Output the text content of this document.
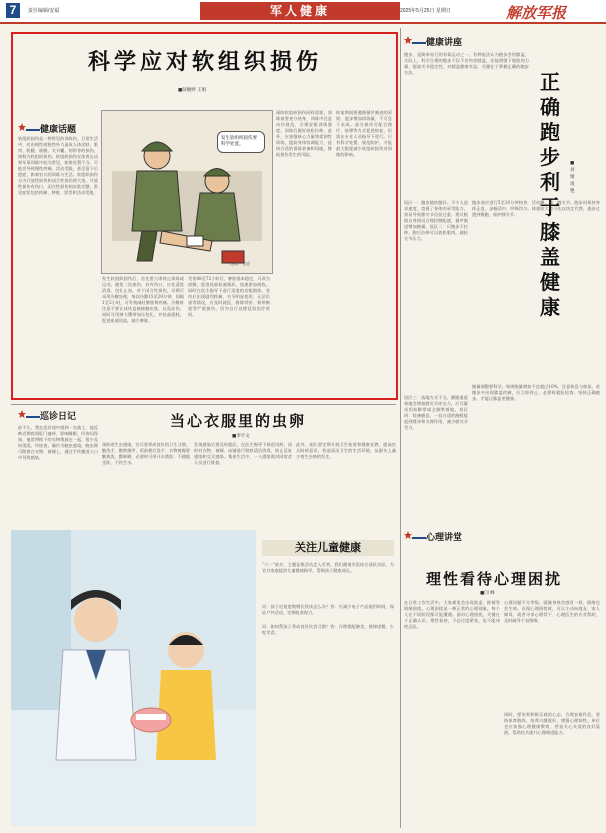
7	责任编辑/安福	军人健康	2025年5月25日 星期日	解放军报
科学应对软组织损伤
■薛婉婷 王娟
健康话题
软组织损伤是一种常见的训练伤，日常生活中，若由钝性或锐性外力造成人体皮肤、肌肉、肌腱、筋膜、关节囊、韧带等的损伤，统称为软组织损伤。软组织损伤在体育运动和军事训练中较为常见，如果处置不当，可能会导致慢性疼痛、活动受限，甚至留下后遗症，影响官兵的训练与生活。软组织损伤分为开放性损伤和闭合性损伤两大类。开放性损伤有伤口，闭合性损伤则皮肤完整，常见症状包括疼痛、肿胀、淤青和活动受限。
发生软组织损伤要科学处置。
漫画：老虎
发生软组织损伤后，首先要立即停止训练或运动，避免二次损伤。若有伤口，应先清洗消毒、包扎止血。对于闭合性损伤，早期可采用冷敷处理，每次冷敷15至20分钟，间隔1至2小时，可有效减轻肿胀和疼痛。冷敷时注意不要让冰块直接接触皮肤，以免冻伤。同时可用弹力绷带加压包扎，并抬高患肢，促进血液回流，减少肿胀。
受伤48至72小时后，肿胀基本稳定，可改为热敷，促进局部血液循环，加速淤血吸收。同时在医生指导下进行适度的功能锻炼。若伤后出现剧烈疼痛、关节明显变形、无法负重等情况，应及时就医，排除骨折、韧带断裂等严重损伤，切勿自行处理延误治疗时机。
预防软组织损伤同样重要。训练前要充分热身，训练中注意动作规范，合理安排训练强度，训练后做好放松拉伸。此外，应加强核心力量和柔韧性训练，提高身体协调能力，选择合适的训练装备和场地，降低损伤发生的风险。
恢复期间要遵循循序渐进的原则，逐步增加训练量，不可急于求成。部分损伤可配合理疗、按摩等方式促进恢复，但需在专业人员指导下进行。只有科学处置、规范防护，才能最大限度减少软组织损伤对训练的影响。
健康讲座
跑步，是简单易行的有氧运动之一。有种说法认为跑步会伤膝盖，实际上，科学合理的跑步不仅不会伤害膝盖，还能增强下肢肌肉力量，提高关节稳定性，对膝盖健康有益。关键在于掌握正确的跑步方法。	正确跑步利于膝盖健康
■刘婧 凌艳
误区一：跑步越快越好。不少人追求速度，忽视了身体的承受能力，容易导致膝关节负担过重。建议根据自身情况合理控制配速，循序渐进增加跑量。误区二：只跑步不拉伸。跑后拉伸可以放松肌肉，减轻关节压力。
误区三：落地方式不当。脚跟重重着地会增加膝关节冲击力，应尽量采用前脚掌或全脚掌着地。误区四：装备随意。一双合适的跑鞋能起到缓冲和支撑作用，减少膝关节受力。
跑步前应进行5至10分钟热身，活动踝、膝、髋关节。跑步时保持身体正直，步幅适中，呼吸均匀。体重较大者可先以快走代替，逐步过渡到慢跑，保护膝关节。
跑量调整要科学。每周跑量增加不宜超过10%，注意休息与恢复。若跑步中出现膝盖疼痛，应立即停止，必要时就医检查。坚持正确跑步，才能让膝盖更健康。
巡诊日记	当心衣服里的虫卵
■李宇文
前不久，我在巡诊途中遇到一名战士，他反映近期夜间肛门瘙痒，影响睡眠。经询问得知，他常将换下的衣物堆放在一起，很少及时清洗。经检查，确诊为蛲虫感染。蛲虫卵可附着在衣物、被褥上，通过手传播进入口中导致感染。
预防寄生虫感染，官兵要养成良好的卫生习惯，勤洗手、勤剪指甲，饭前便后洗手；衣物被褥要勤换洗、勤晾晒，必要时可用开水烫洗；不随地坐卧，不饮生水。
发现感染后要及时就医，在医生指导下规范用药，同时对衣物、被褥、床铺进行彻底清洁消毒，防止反复感染和交叉感染。集体生活中，一人感染需对同宿舍人员进行排查。
此外，连队要定期开展卫生检查和健康宣教，提高官兵防病意识，营造清洁卫生的生活环境，从源头上减少寄生虫病的发生。
关注儿童健康
“六一”前夕，主题征集活动走入军营，我们邀请军医结合部队实际，为官兵家庭提供儿童健康指导，帮助孩子健康成长。
问：孩子近视度数增长快该怎么办？答：应减少电子产品使用时间，保证户外活动，定期检查视力。
问：如何帮孩子养成良好饮食习惯？答：合理搭配膳食，规律进餐，少吃零食。
心理讲堂
理性看待心理困扰
■闫 峰
在日常工作生活中，大家难免会出现焦虑、抑郁等情绪困扰。心理困扰是一种正常的心理现象，每个人在不同阶段都可能遭遇。面对心理困扰，关键在于正确认识、理性看待，不必过度紧张，也不能讳疾忌医。
心理问题不分等级，就像身体会感冒一样，情绪也会生病。出现心理困扰时，可以主动向战友、家人倾诉，或者寻求心理骨干、心理医生的专业帮助，及时疏导不良情绪。
同时，要培养积极乐观的心态，合理安排作息，坚持体育锻炼，培养兴趣爱好，增强心理韧性。单位也应加强心理健康教育，营造关心关爱的良好氛围，帮助官兵提升心理调适能力。
